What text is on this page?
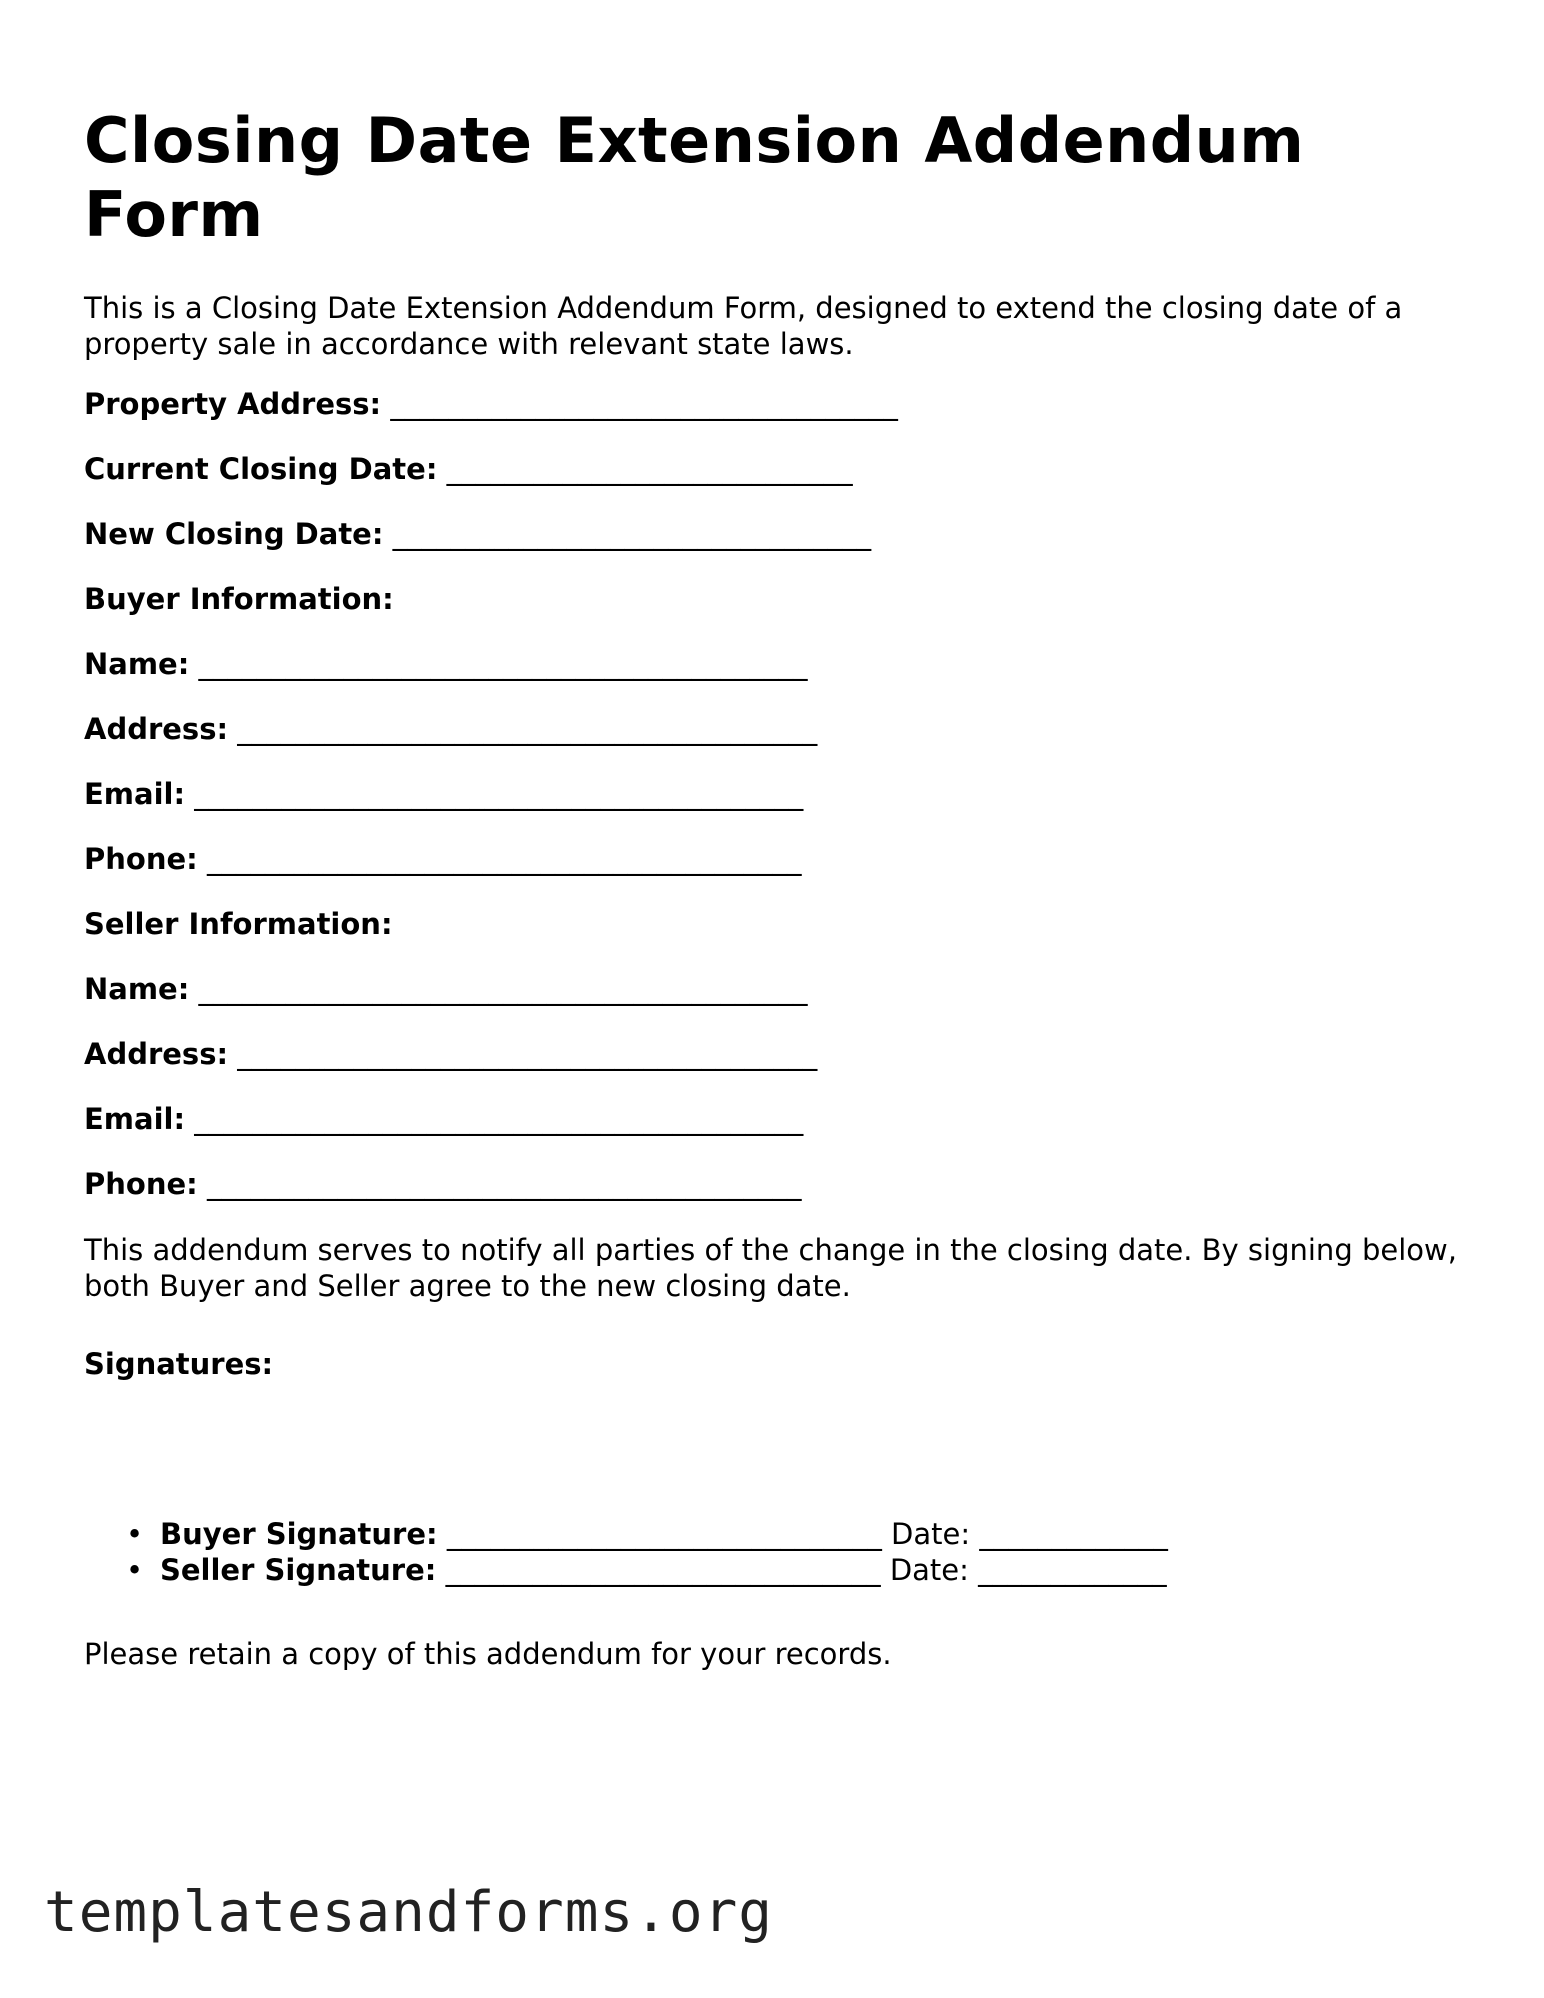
Closing Date Extension Addendum Form

This is a Closing Date Extension Addendum Form, designed to extend the closing date of a property sale in accordance with relevant state laws.

Property Address: ___________________________________
Current Closing Date: ____________________________
New Closing Date: _________________________________
Buyer Information:
Name: __________________________________________
Address: ________________________________________
Email: __________________________________________
Phone: _________________________________________
Seller Information:
Name: __________________________________________
Address: ________________________________________
Email: __________________________________________
Phone: _________________________________________

This addendum serves to notify all parties of the change in the closing date. By signing below, both Buyer and Seller agree to the new closing date.

Signatures:
• Buyer Signature: ______________________________ Date: _____________
• Seller Signature: ______________________________ Date: _____________
Please retain a copy of this addendum for your records.
templatesandforms.org
